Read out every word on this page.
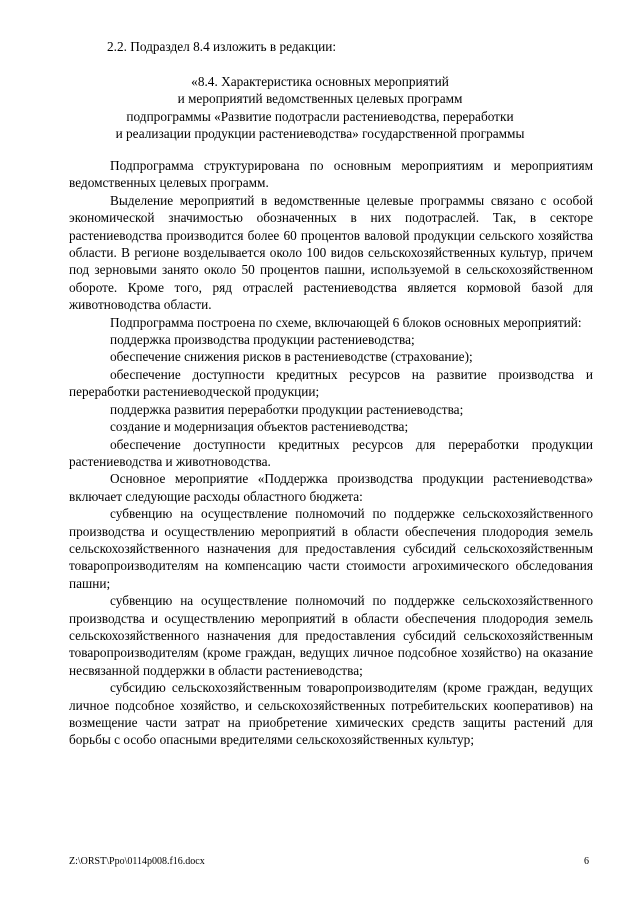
2.2. Подраздел 8.4 изложить в редакции:
«8.4. Характеристика основных мероприятий
и мероприятий ведомственных целевых программ
подпрограммы «Развитие подотрасли растениеводства, переработки
и реализации продукции растениеводства» государственной программы

Подпрограмма структурирована по основным мероприятиям и мероприятиям ведомственных целевых программ.

Выделение мероприятий в ведомственные целевые программы связано с особой экономической значимостью обозначенных в них подотраслей. Так, в секторе растениеводства производится более 60 процентов валовой продукции сельского хозяйства области. В регионе возделывается около 100 видов сельскохозяйственных культур, причем под зерновыми занято около 50 процентов пашни, используемой в сельскохозяйственном обороте. Кроме того, ряд отраслей растениеводства является кормовой базой для животноводства области.

Подпрограмма построена по схеме, включающей 6 блоков основных мероприятий:

поддержка производства продукции растениеводства;

обеспечение снижения рисков в растениеводстве (страхование);

обеспечение доступности кредитных ресурсов на развитие производства и переработки растениеводческой продукции;

поддержка развития переработки продукции растениеводства;

создание и модернизация объектов растениеводства;

обеспечение доступности кредитных ресурсов для переработки продукции растениеводства и животноводства.

Основное мероприятие «Поддержка производства продукции растениеводства» включает следующие расходы областного бюджета:

субвенцию на осуществление полномочий по поддержке сельскохозяйственного производства и осуществлению мероприятий в области обеспечения плодородия земель сельскохозяйственного назначения для предоставления субсидий сельскохозяйственным товаропроизводителям на компенсацию части стоимости агрохимического обследования пашни;

субвенцию на осуществление полномочий по поддержке сельскохозяйственного производства и осуществлению мероприятий в области обеспечения плодородия земель сельскохозяйственного назначения для предоставления субсидий сельскохозяйственным товаропроизводителям (кроме граждан, ведущих личное подсобное хозяйство) на оказание несвязанной поддержки в области растениеводства;

субсидию сельскохозяйственным товаропроизводителям (кроме граждан, ведущих личное подсобное хозяйство, и сельскохозяйственных потребительских кооперативов) на возмещение части затрат на приобретение химических средств защиты растений для борьбы с особо опасными вредителями сельскохозяйственных культур;

Z:\ORST\Ppo\0114p008.f16.docx	6
